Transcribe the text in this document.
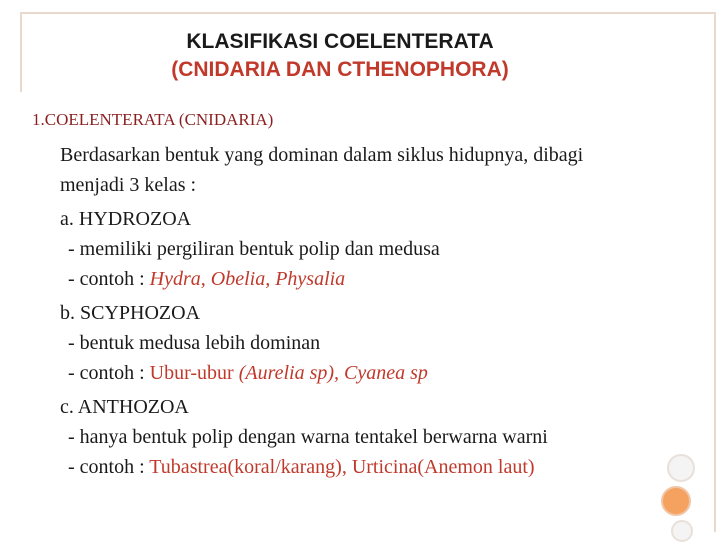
KLASIFIKASI COELENTERATA
(CNIDARIA DAN CTHENOPHORA)
1.COELENTERATA (CNIDARIA)
Berdasarkan bentuk yang dominan dalam siklus hidupnya, dibagi
menjadi 3 kelas :
a. HYDROZOA
- memiliki pergiliran bentuk polip dan medusa
- contoh : Hydra, Obelia, Physalia
b. SCYPHOZOA
- bentuk medusa lebih dominan
- contoh : Ubur-ubur (Aurelia sp), Cyanea sp
c. ANTHOZOA
- hanya bentuk polip dengan warna tentakel berwarna warni
- contoh : Tubastrea(koral/karang), Urticina(Anemon laut)
